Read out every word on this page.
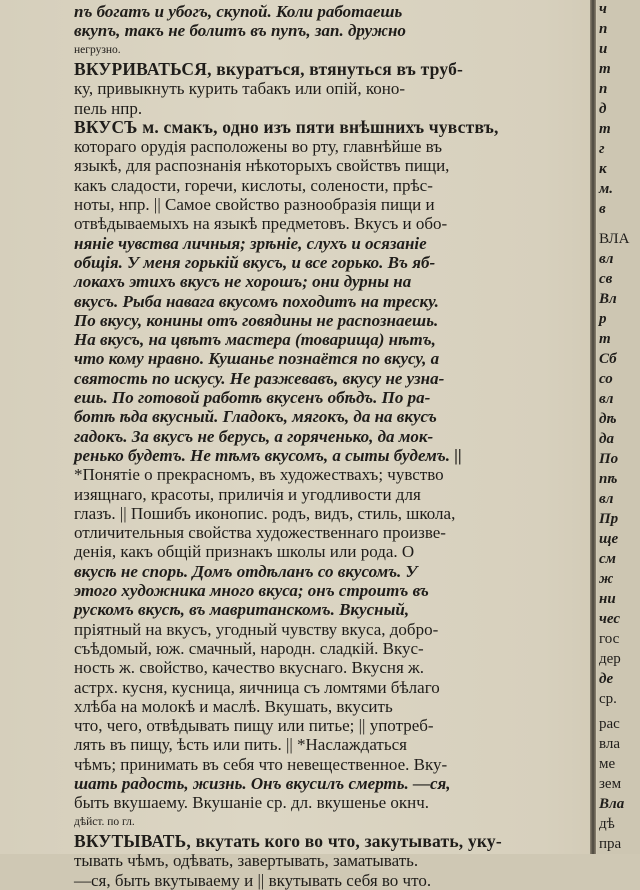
пъ богатъ и убогъ, скупой. Коли работаешь
вкупъ, такъ не болитъ въ пупъ, зап. дружно
негрузно.
ВКУРИВАТЬСЯ, вкуратъся, втянуться въ труб-
ку, привыкнуть курить табакъ или опій, коно-
пель нпр.
ВКУСЪ м. смакъ, одно изъ пяти внѣшнихъ чувствъ,
котораго орудія расположены во рту, главнѣйше въ
языкѣ, для распознанія нѣкоторыхъ свойствъ пищи,
какъ сладости, горечи, кислоты, солености, прѣс-
ноты, нпр. || Самое свойство разнообразія пищи и
отвѣдываемыхъ на языкѣ предметовъ. Вкусъ и обо-
няніе чувства личныя; зрѣніе, слухъ и осязаніе
общія. У меня горькій вкусъ, и все горько. Въ яб-
локахъ этихъ вкусъ не хорошъ; они дурны на
вкусъ. Рыба навага вкусомъ походитъ на треску.
По вкусу, конины отъ говядины не распознаешь.
На вкусъ, на цвѣтъ мастера (товарища) нѣтъ,
что кому нравно. Кушанье познаётся по вкусу, а
святость по искусу. Не разжевавъ, вкусу не узна-
ешь. По готовой работѣ вкусенъ обѣдъ. По ра-
ботѣ ѣда вкусный. Гладокъ, мягокъ, да на вкусъ
гадокъ. За вкусъ не берусь, а горяченько, да мок-
ренько будетъ. Не тѣмъ вкусомъ, а сыты будемъ. ||
*Понятіе о прекрасномъ, въ художествахъ; чувство
изящнаго, красоты, приличія и угодливости для
глазъ. || Пошибъ иконопис. родъ, видъ, стиль, школа,
отличительныя свойства художественнаго произве-
денія, какъ общій признакъ школы или рода. О
вкусѣ не спорь. Домъ отдѣланъ со вкусомъ. У
этого художника много вкуса; онъ строитъ въ
рускомъ вкусѣ, въ мавританскомъ. Вкусный,
пріятный на вкусъ, угодный чувству вкуса, добро-
съѣдомый, юж. смачный, народн. сладкій. Вкус-
ность ж. свойство, качество вкуснаго. Вкусня ж.
астрх. кусня, кусница, яичница съ ломтями бѣлаго
хлѣба на молокѣ и маслѣ. Вкушать, вкусить
что, чего, отвѣдывать пищу или питье; || употреб-
лять въ пищу, ѣсть или пить. || *Наслаждаться
чѣмъ; принимать въ себя что невещественное. Вку-
шать радость, жизнь. Онъ вкусилъ смерть. —ся,
быть вкушаему. Вкушаніе ср. дл. вкушенье окнч.
дѣйст. по гл.
ВКУТЫВАТЬ, вкутать кого во что, закутывать, уку-
тывать чѣмъ, одѣвать, завертывать, заматывать.
—ся, быть вкутываему и || вкутывать себя во что.
ч
п
и
т
п
д
т
г
к
м.
в
ВЛА
вл
св
Вл
р
т
Сб
со
вл
дѣ
да
По
пѣ
вл
Пр
ще
см
ж
ни
чес
гос
дер
де
ср.
рас
вла
ме
зем
Вла
дѣ
пра
